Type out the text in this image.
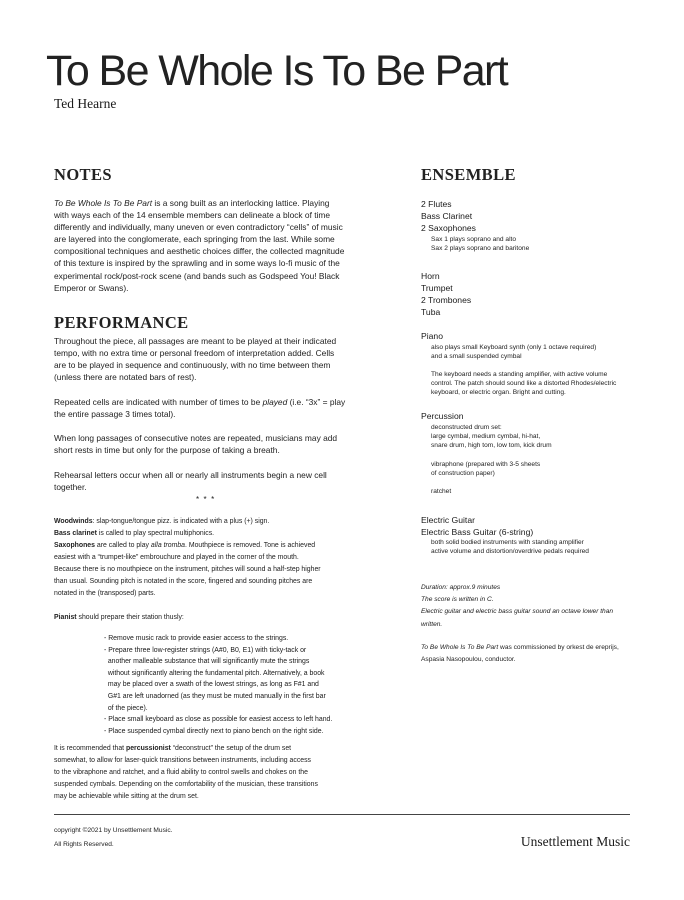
To Be Whole Is To Be Part
Ted Hearne
NOTES

To Be Whole Is To Be Part is a song built as an interlocking lattice. Playing

with ways each of the 14 ensemble members can delineate a block of time

differently and individually, many uneven or even contradictory “cells” of music

are layered into the conglomerate, each springing from the last. While some

compositional techniques and aesthetic choices differ, the collected magnitude

of this texture is inspired by the sprawling and in some ways lo-fi music of the

experimental rock/post-rock scene (and bands such as Godspeed You! Black

Emperor or Swans).

PERFORMANCE

Throughout the piece, all passages are meant to be played at their indicated

tempo, with no extra time or personal freedom of interpretation added. Cells

are to be played in sequence and continuously, with no time between them

(unless there are notated bars of rest).

Repeated cells are indicated with number of times to be played (i.e. “3x” = play

the entire passage 3 times total).

When long passages of consecutive notes are repeated, musicians may add

short rests in time but only for the purpose of taking a breath.

Rehearsal letters occur when all or nearly all instruments begin a new cell

together.

*  *  *

Woodwinds: slap-tongue/tongue pizz. is indicated with a plus (+) sign.

Bass clarinet is called to play spectral multiphonics.

Saxophones are called to play alla tromba. Mouthpiece is removed. Tone is achieved

easiest with a “trumpet-like” embrouchure and played in the corner of the mouth.

Because there is no mouthpiece on the instrument, pitches will sound a half-step higher

than usual. Sounding pitch is notated in the score, fingered and sounding pitches are

notated in the (transposed) parts.

Pianist should prepare their station thusly:

- Remove music rack to provide easier access to the strings.
- Prepare three low-register strings (A#0, B0, E1) with ticky-tack or
another malleable substance that will significantly mute the strings
without significantly altering the fundamental pitch. Alternatively, a book
may be placed over a swath of the lowest strings, as long as F#1 and
G#1 are left unadorned (as they must be muted manually in the first bar
of the piece).
- Place small keyboard as close as possible for easiest access to left hand.
- Place suspended cymbal directly next to piano bench on the right side.

It is recommended that percussionist “deconstruct” the setup of the drum set

somewhat, to allow for laser-quick transitions between instruments, including access

to the vibraphone and ratchet, and a fluid ability to control swells and chokes on the

suspended cymbals. Depending on the comfortability of the musician, these transitions

may be achievable while sitting at the drum set.

ENSEMBLE
2 Flutes
Bass Clarinet
2 Saxophones

Sax 1 plays soprano and alto

Sax 2 plays soprano and baritone

Horn
Trumpet
2 Trombones
Tuba
Piano

also plays small Keyboard synth (only 1 octave required)

and a small suspended cymbal

The keyboard needs a standing amplifier, with active volume

control. The patch should sound like a distorted Rhodes/electric

keyboard, or electric organ. Bright and cutting.

Percussion

deconstructed drum set:

large cymbal, medium cymbal, hi-hat,

snare drum, high tom, low tom, kick drum

vibraphone (prepared with 3-5 sheets

of construction paper)

ratchet
Electric Guitar
Electric Bass Guitar (6-string)

both solid bodied instruments with standing amplifier

active volume and distortion/overdrive pedals required

Duration: approx.9 minutes
The score is written in C.
Electric guitar and electric bass guitar sound an octave lower than
written.

To Be Whole Is To Be Part was commissioned by orkest de ereprijs,

Aspasia Nasopoulou, conductor.

copyright ©2021 by Unsettlement Music.

All Rights Reserved.	Unsettlement Music
